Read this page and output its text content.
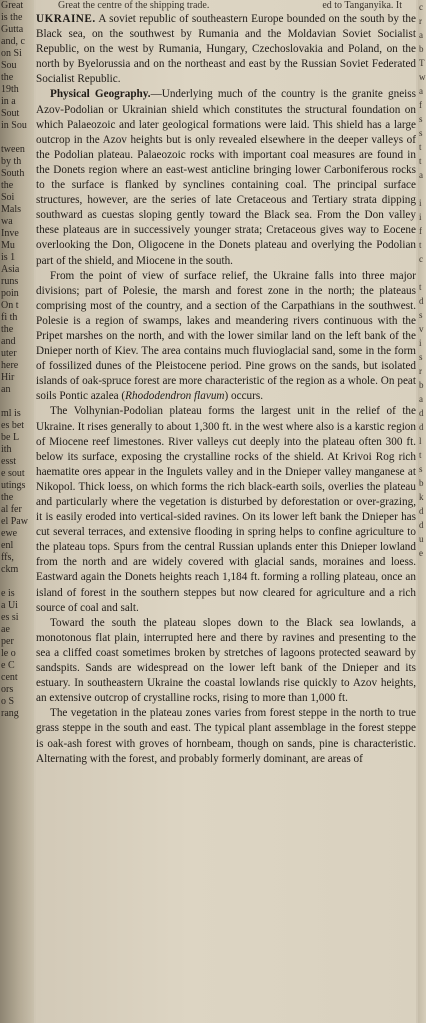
Great
is the
Gutta
and, c
on Si
Sou
the
19th
in a
Sout
in Sou
tween
by th
South
the
Soi
Mals
wa
Inve
Mu
is 1
Asia
runs
poin
On t
fi th
the
and
uter
here
Hir
an
ml is
es bet
be L
ith
esst
e sout
utings
the
al fer
el Paw
ewe
enl
ffs,
ckm
e is
a Ui
es si
ae
per
le o
e C
cent
ors
o S
rang
c
r
a
b
T
w
a
f
s
s
t
t
a
i
i
f
t
c
t
d
s
v
i
s
r
b
a
d
d
l
t
s
b
k
d
d
u
e
Great the centre of the shipping trade.	ed to Tanganyika. It

UKRAINE. A soviet republic of southeastern Europe bounded on the south by the Black sea, on the southwest by Rumania and the Moldavian Soviet Socialist Republic, on the west by Rumania, Hungary, Czechoslovakia and Poland, on the north by Byelorussia and on the northeast and east by the Russian Soviet Federated Socialist Republic.

Physical Geography.—Underlying much of the country is the granite gneiss Azov-Podolian or Ukrainian shield which constitutes the structural foundation on which Palaeozoic and later geological formations were laid. This shield has a large outcrop in the Azov heights but is only revealed elsewhere in the deeper valleys of the Podolian plateau. Palaeozoic rocks with important coal measures are found in the Donets region where an east-west anticline bringing lower Carboniferous rocks to the surface is flanked by synclines containing coal. The principal surface structures, however, are the series of late Cretaceous and Tertiary strata dipping southward as cuestas sloping gently toward the Black sea. From the Don valley these plateaus are in successively younger strata; Cretaceous gives way to Eocene overlooking the Don, Oligocene in the Donets plateau and overlying the Podolian part of the shield, and Miocene in the south.

From the point of view of surface relief, the Ukraine falls into three major divisions; part of Polesie, the marsh and forest zone in the north; the plateaus comprising most of the country, and a section of the Carpathians in the southwest. Polesie is a region of swamps, lakes and meandering rivers continuous with the Pripet marshes on the north, and with the lower similar land on the left bank of the Dnieper north of Kiev. The area contains much fluvioglacial sand, some in the form of fossilized dunes of the Pleistocene period. Pine grows on the sands, but isolated islands of oak-spruce forest are more characteristic of the region as a whole. On peat soils Pontic azalea (Rhododendron flavum) occurs.

The Volhynian-Podolian plateau forms the largest unit in the relief of the Ukraine. It rises generally to about 1,300 ft. in the west where also is a karstic region of Miocene reef limestones. River valleys cut deeply into the plateau often 300 ft. below its surface, exposing the crystalline rocks of the shield. At Krivoi Rog rich haematite ores appear in the Ingulets valley and in the Dnieper valley manganese at Nikopol. Thick loess, on which forms the rich black-earth soils, overlies the plateau and particularly where the vegetation is disturbed by deforestation or over-grazing, it is easily eroded into vertical-sided ravines. On its lower left bank the Dnieper has cut several terraces, and extensive flooding in spring helps to confine agriculture to the plateau tops. Spurs from the central Russian uplands enter this Dnieper lowland from the north and are widely covered with glacial sands, moraines and loess. Eastward again the Donets heights reach 1,184 ft. forming a rolling plateau, once an island of forest in the southern steppes but now cleared for agriculture and a rich source of coal and salt.

Toward the south the plateau slopes down to the Black sea lowlands, a monotonous flat plain, interrupted here and there by ravines and presenting to the sea a cliffed coast sometimes broken by stretches of lagoons protected seaward by sandspits. Sands are widespread on the lower left bank of the Dnieper and its estuary. In southeastern Ukraine the coastal lowlands rise quickly to Azov heights, an extensive outcrop of crystalline rocks, rising to more than 1,000 ft.

The vegetation in the plateau zones varies from forest steppe in the north to true grass steppe in the south and east. The typical plant assemblage in the forest steppe is oak-ash forest with groves of hornbeam, though on sands, pine is characteristic. Alternating with the forest, and probably formerly dominant, are areas of
